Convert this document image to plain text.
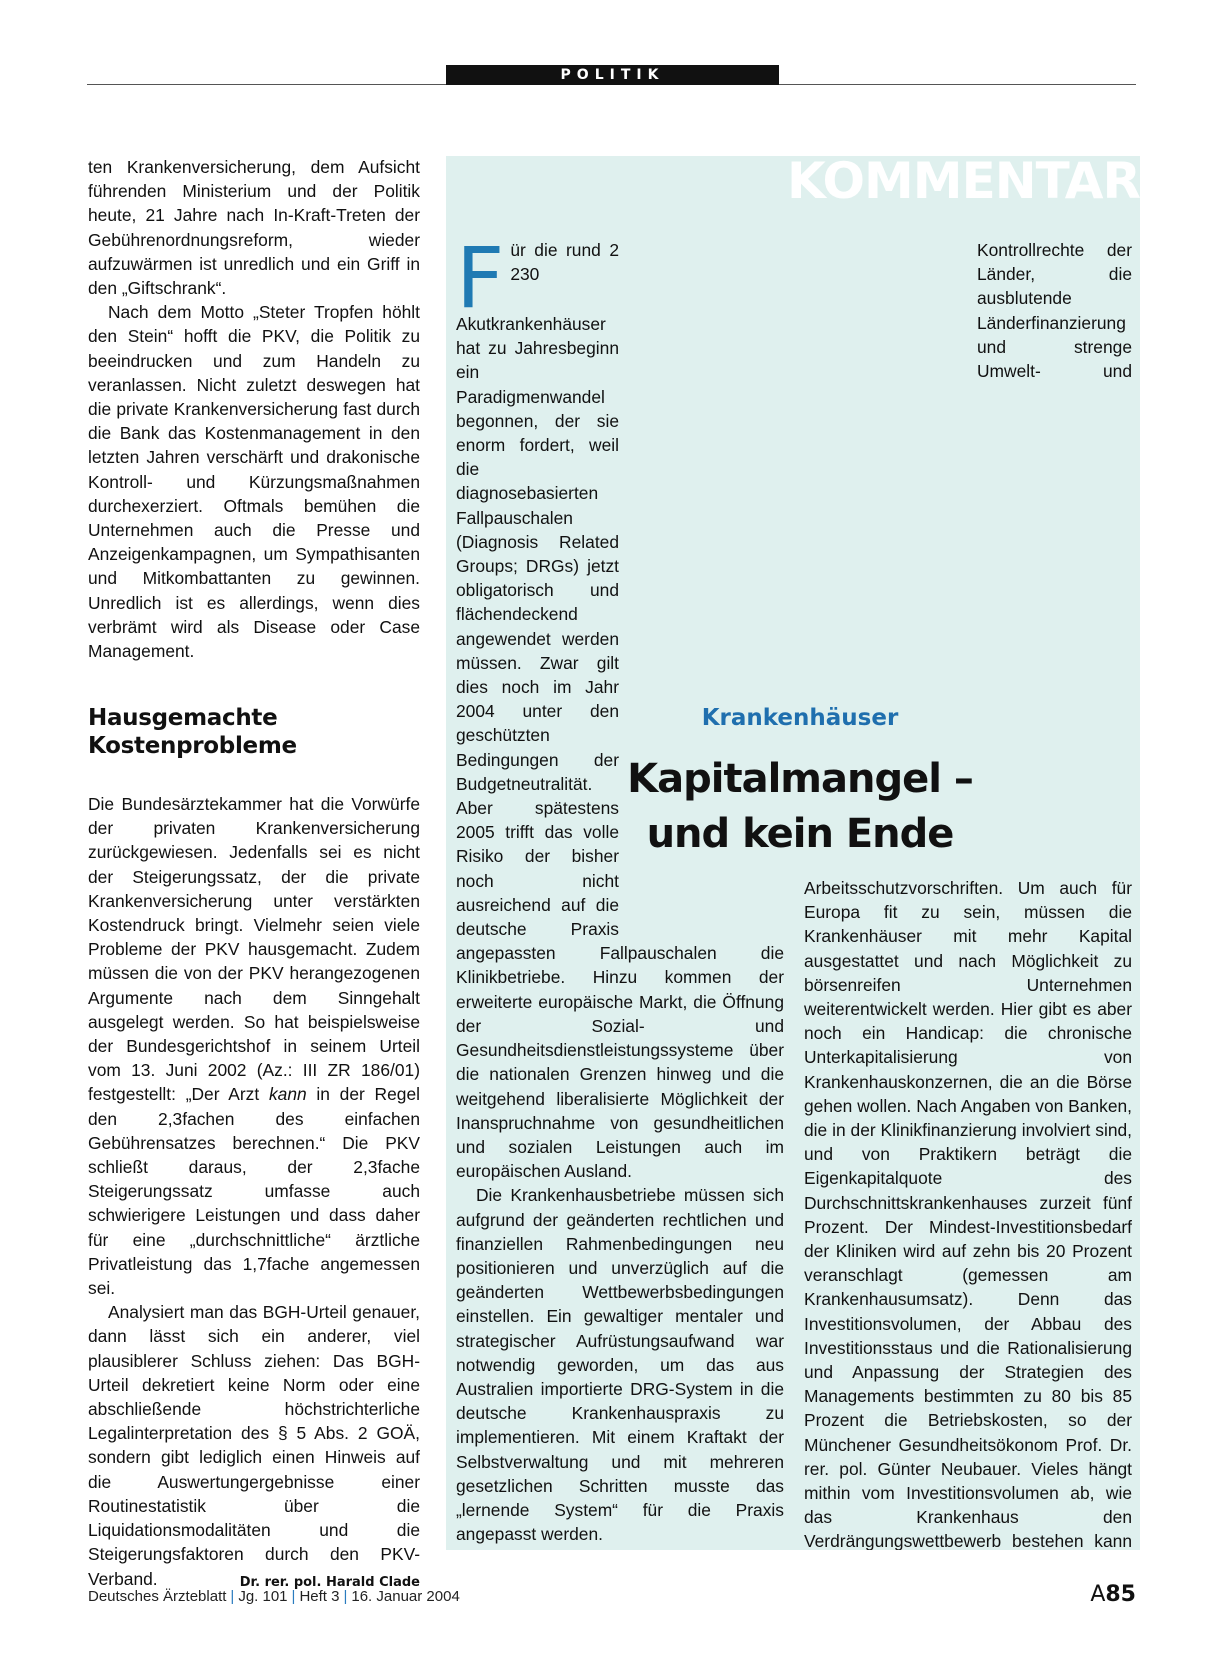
POLITIK

ten Krankenversicherung, dem Aufsicht führenden Ministerium und der Politik heute, 21 Jahre nach In-Kraft-Treten der Gebührenordnungsreform, wieder aufzuwärmen ist unredlich und ein Griff in den „Giftschrank“.

Nach dem Motto „Steter Tropfen höhlt den Stein“ hofft die PKV, die Politik zu beeindrucken und zum Handeln zu veranlassen. Nicht zuletzt deswegen hat die private Krankenversicherung fast durch die Bank das Kostenmanagement in den letzten Jahren verschärft und drakonische Kontroll- und Kürzungsmaßnahmen durchexerziert. Oftmals bemühen die Unternehmen auch die Presse und Anzeigenkampagnen, um Sympathisanten und Mitkombattanten zu gewinnen. Unredlich ist es allerdings, wenn dies verbrämt wird als Disease oder Case Management.

Hausgemachte Kostenprobleme

Die Bundesärztekammer hat die Vorwürfe der privaten Krankenversicherung zurückgewiesen. Jedenfalls sei es nicht der Steigerungssatz, der die private Krankenversicherung unter verstärkten Kostendruck bringt. Vielmehr seien viele Probleme der PKV hausgemacht. Zudem müssen die von der PKV herangezogenen Argumente nach dem Sinngehalt ausgelegt werden. So hat beispielsweise der Bundesgerichtshof in seinem Urteil vom 13. Juni 2002 (Az.: III ZR 186/01) festgestellt: „Der Arzt kann in der Regel den 2,3fachen des einfachen Gebührensatzes berechnen.“ Die PKV schließt daraus, der 2,3fache Steigerungssatz umfasse auch schwierigere Leistungen und dass daher für eine „durchschnittliche“ ärztliche Privatleistung das 1,7fache angemessen sei.

Analysiert man das BGH-Urteil genauer, dann lässt sich ein anderer, viel plausiblerer Schluss ziehen: Das BGH-Urteil dekretiert keine Norm oder eine abschließende höchstrichterliche Legalinterpretation des § 5 Abs. 2 GOÄ, sondern gibt lediglich einen Hinweis auf die Auswertungergebnisse einer Routinestatistik über die Liquidationsmodalitäten und die Steigerungsfaktoren durch den PKV-Verband.	Dr. rer. pol. Harald Clade

KOMMENTAR

Für die rund 2 230 Akutkrankenhäuser hat zu Jahresbeginn ein Paradigmenwandel begonnen, der sie enorm fordert, weil die diagnosebasierten Fallpauschalen (Diagnosis Related Groups; DRGs) jetzt obligatorisch und flächendeckend angewendet werden müssen. Zwar gilt dies noch im Jahr 2004 unter den geschützten Bedingungen der Budgetneutralität. Aber spätestens 2005 trifft das volle Risiko der bisher noch nicht ausreichend auf die deutsche Praxis angepassten Fallpauschalen die Klinikbetriebe. Hinzu kommen der erweiterte europäische Markt, die Öffnung der Sozial- und Gesundheitsdienstleistungssysteme über die nationalen Grenzen hinweg und die weitgehend liberalisierte Möglichkeit der Inanspruchnahme von gesundheitlichen und sozialen Leistungen auch im europäischen Ausland.

Die Krankenhausbetriebe müssen sich aufgrund der geänderten rechtlichen und finanziellen Rahmenbedingungen neu positionieren und unverzüglich auf die geänderten Wettbewerbsbedingungen einstellen. Ein gewaltiger mentaler und strategischer Aufrüstungsaufwand war notwendig geworden, um das aus Australien importierte DRG-System in die deutsche Krankenhauspraxis zu implementieren. Mit einem Kraftakt der Selbstverwaltung und mit mehreren gesetzlichen Schritten musste das „lernende System“ für die Praxis angepasst werden.

Kontrollrechte der Länder, die ausblutende Länderfinanzierung und strenge Umwelt- und Arbeitsschutzvorschriften. Um auch für Europa fit zu sein, müssen die Krankenhäuser mit mehr Kapital ausgestattet und nach Möglichkeit zu börsenreifen Unternehmen weiterentwickelt werden. Hier gibt es aber noch ein Handicap: die chronische Unterkapitalisierung von Krankenhauskonzernen, die an die Börse gehen wollen. Nach Angaben von Banken, die in der Klinikfinanzierung involviert sind, und von Praktikern beträgt die Eigenkapitalquote des Durchschnittskrankenhauses zurzeit fünf Prozent. Der Mindest-Investitionsbedarf der Kliniken wird auf zehn bis 20 Prozent veranschlagt (gemessen am Krankenhausumsatz). Denn das Investitionsvolumen, der Abbau des Investitionsstaus und die Rationalisierung und Anpassung der Strategien des Managements bestimmten zu 80 bis 85 Prozent die Betriebskosten, so der Münchener Gesundheitsökonom Prof. Dr. rer. pol. Günter Neubauer. Vieles hängt mithin vom Investitionsvolumen ab, wie das Krankenhaus den Verdrängungswettbewerb bestehen kann

Krankenhäuser
Kapitalmangel –
und kein Ende
Deutsches Ärzteblatt | Jg. 101 | Heft 3 | 16. Januar 2004	A85
